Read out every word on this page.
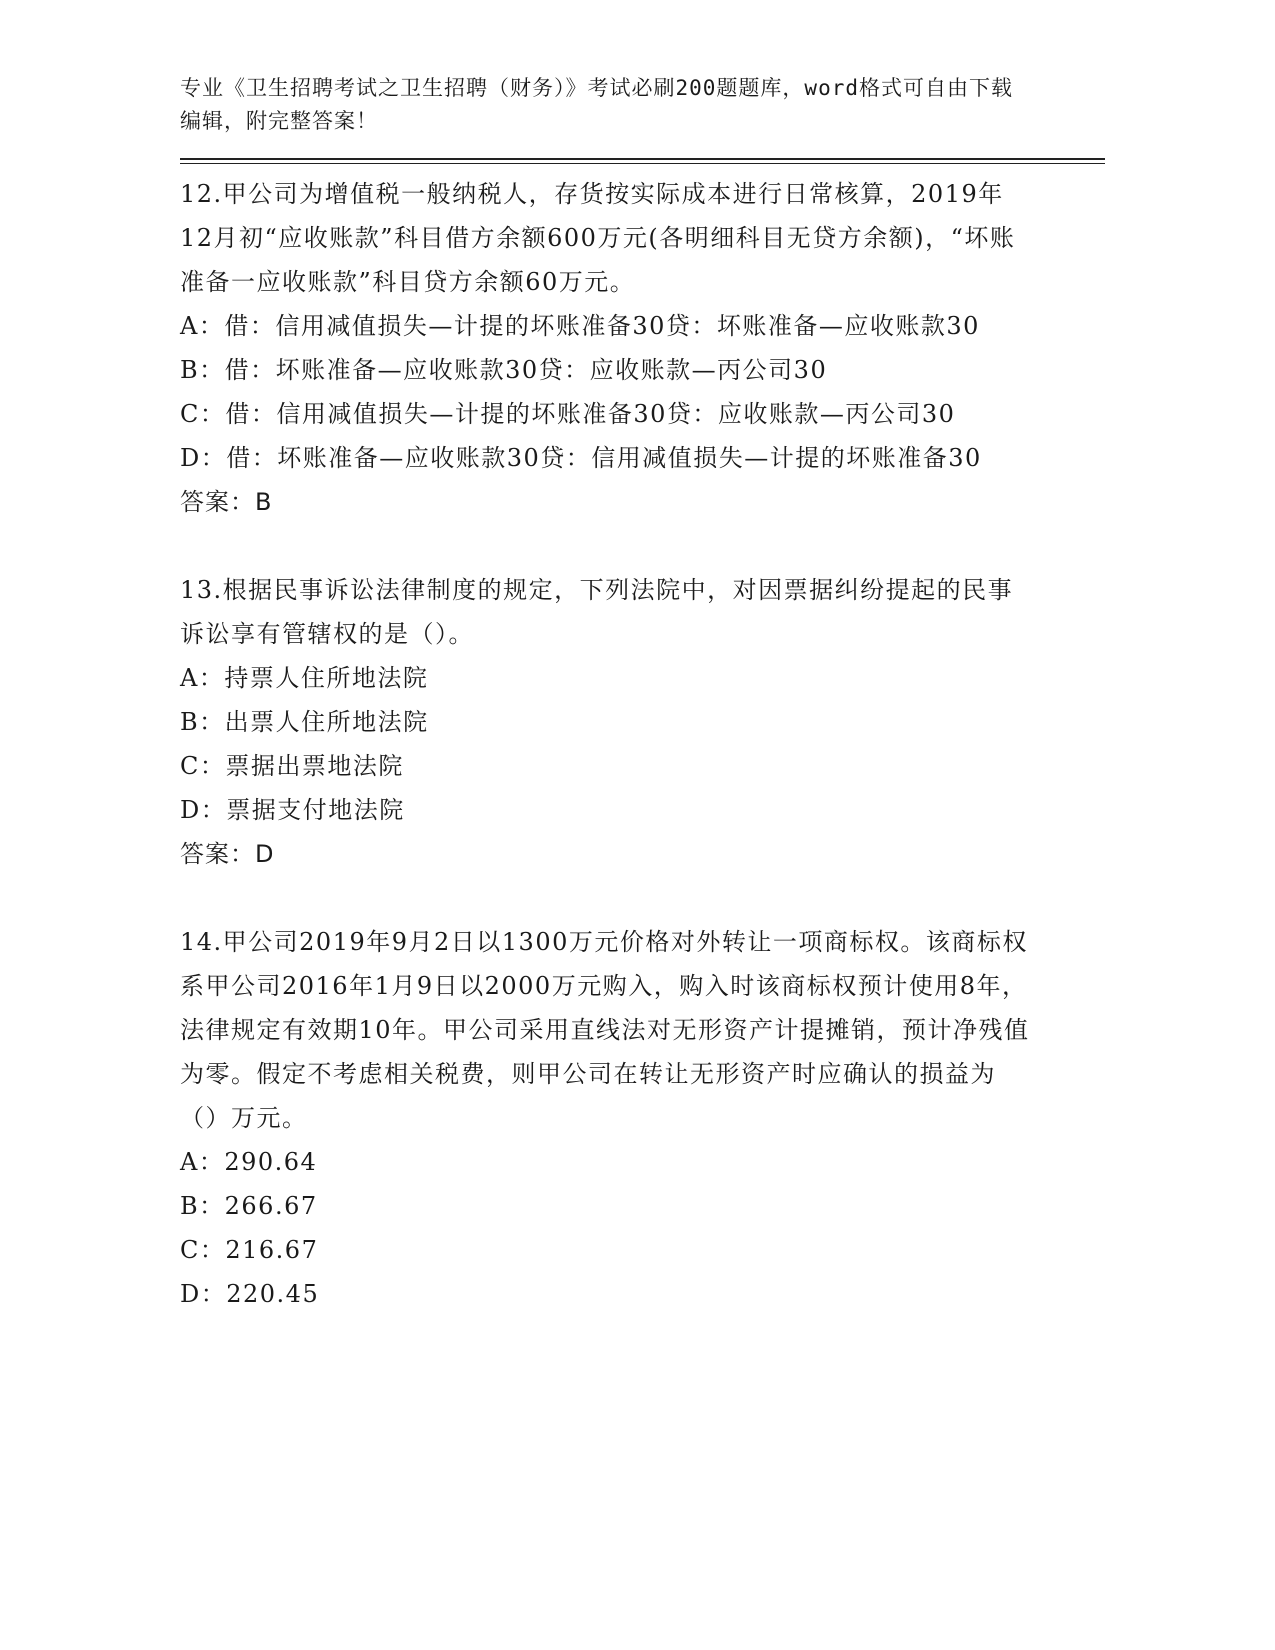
专业《卫生招聘考试之卫生招聘（财务）》考试必刷200题题库，word格式可自由下载编辑，附完整答案！
12.甲公司为增值税一般纳税人，存货按实际成本进行日常核算，2019年12月初“应收账款”科目借方余额600万元(各明细科目无贷方余额)，“坏账准备一应收账款”科目贷方余额60万元。
A：借：信用减值损失—计提的坏账准备30贷：坏账准备—应收账款30
B：借：坏账准备—应收账款30贷：应收账款—丙公司30
C：借：信用减值损失—计提的坏账准备30贷：应收账款—丙公司30
D：借：坏账准备—应收账款30贷：信用减值损失—计提的坏账准备30
答案：B
13.根据民事诉讼法律制度的规定，下列法院中，对因票据纠纷提起的民事诉讼享有管辖权的是（）。
A：持票人住所地法院
B：出票人住所地法院
C：票据出票地法院
D：票据支付地法院
答案：D
14.甲公司2019年9月2日以1300万元价格对外转让一项商标权。该商标权系甲公司2016年1月9日以2000万元购入，购入时该商标权预计使用8年，法律规定有效期10年。甲公司采用直线法对无形资产计提摊销，预计净残值为零。假定不考虑相关税费，则甲公司在转让无形资产时应确认的损益为（）万元。
A：290.64
B：266.67
C：216.67
D：220.45
